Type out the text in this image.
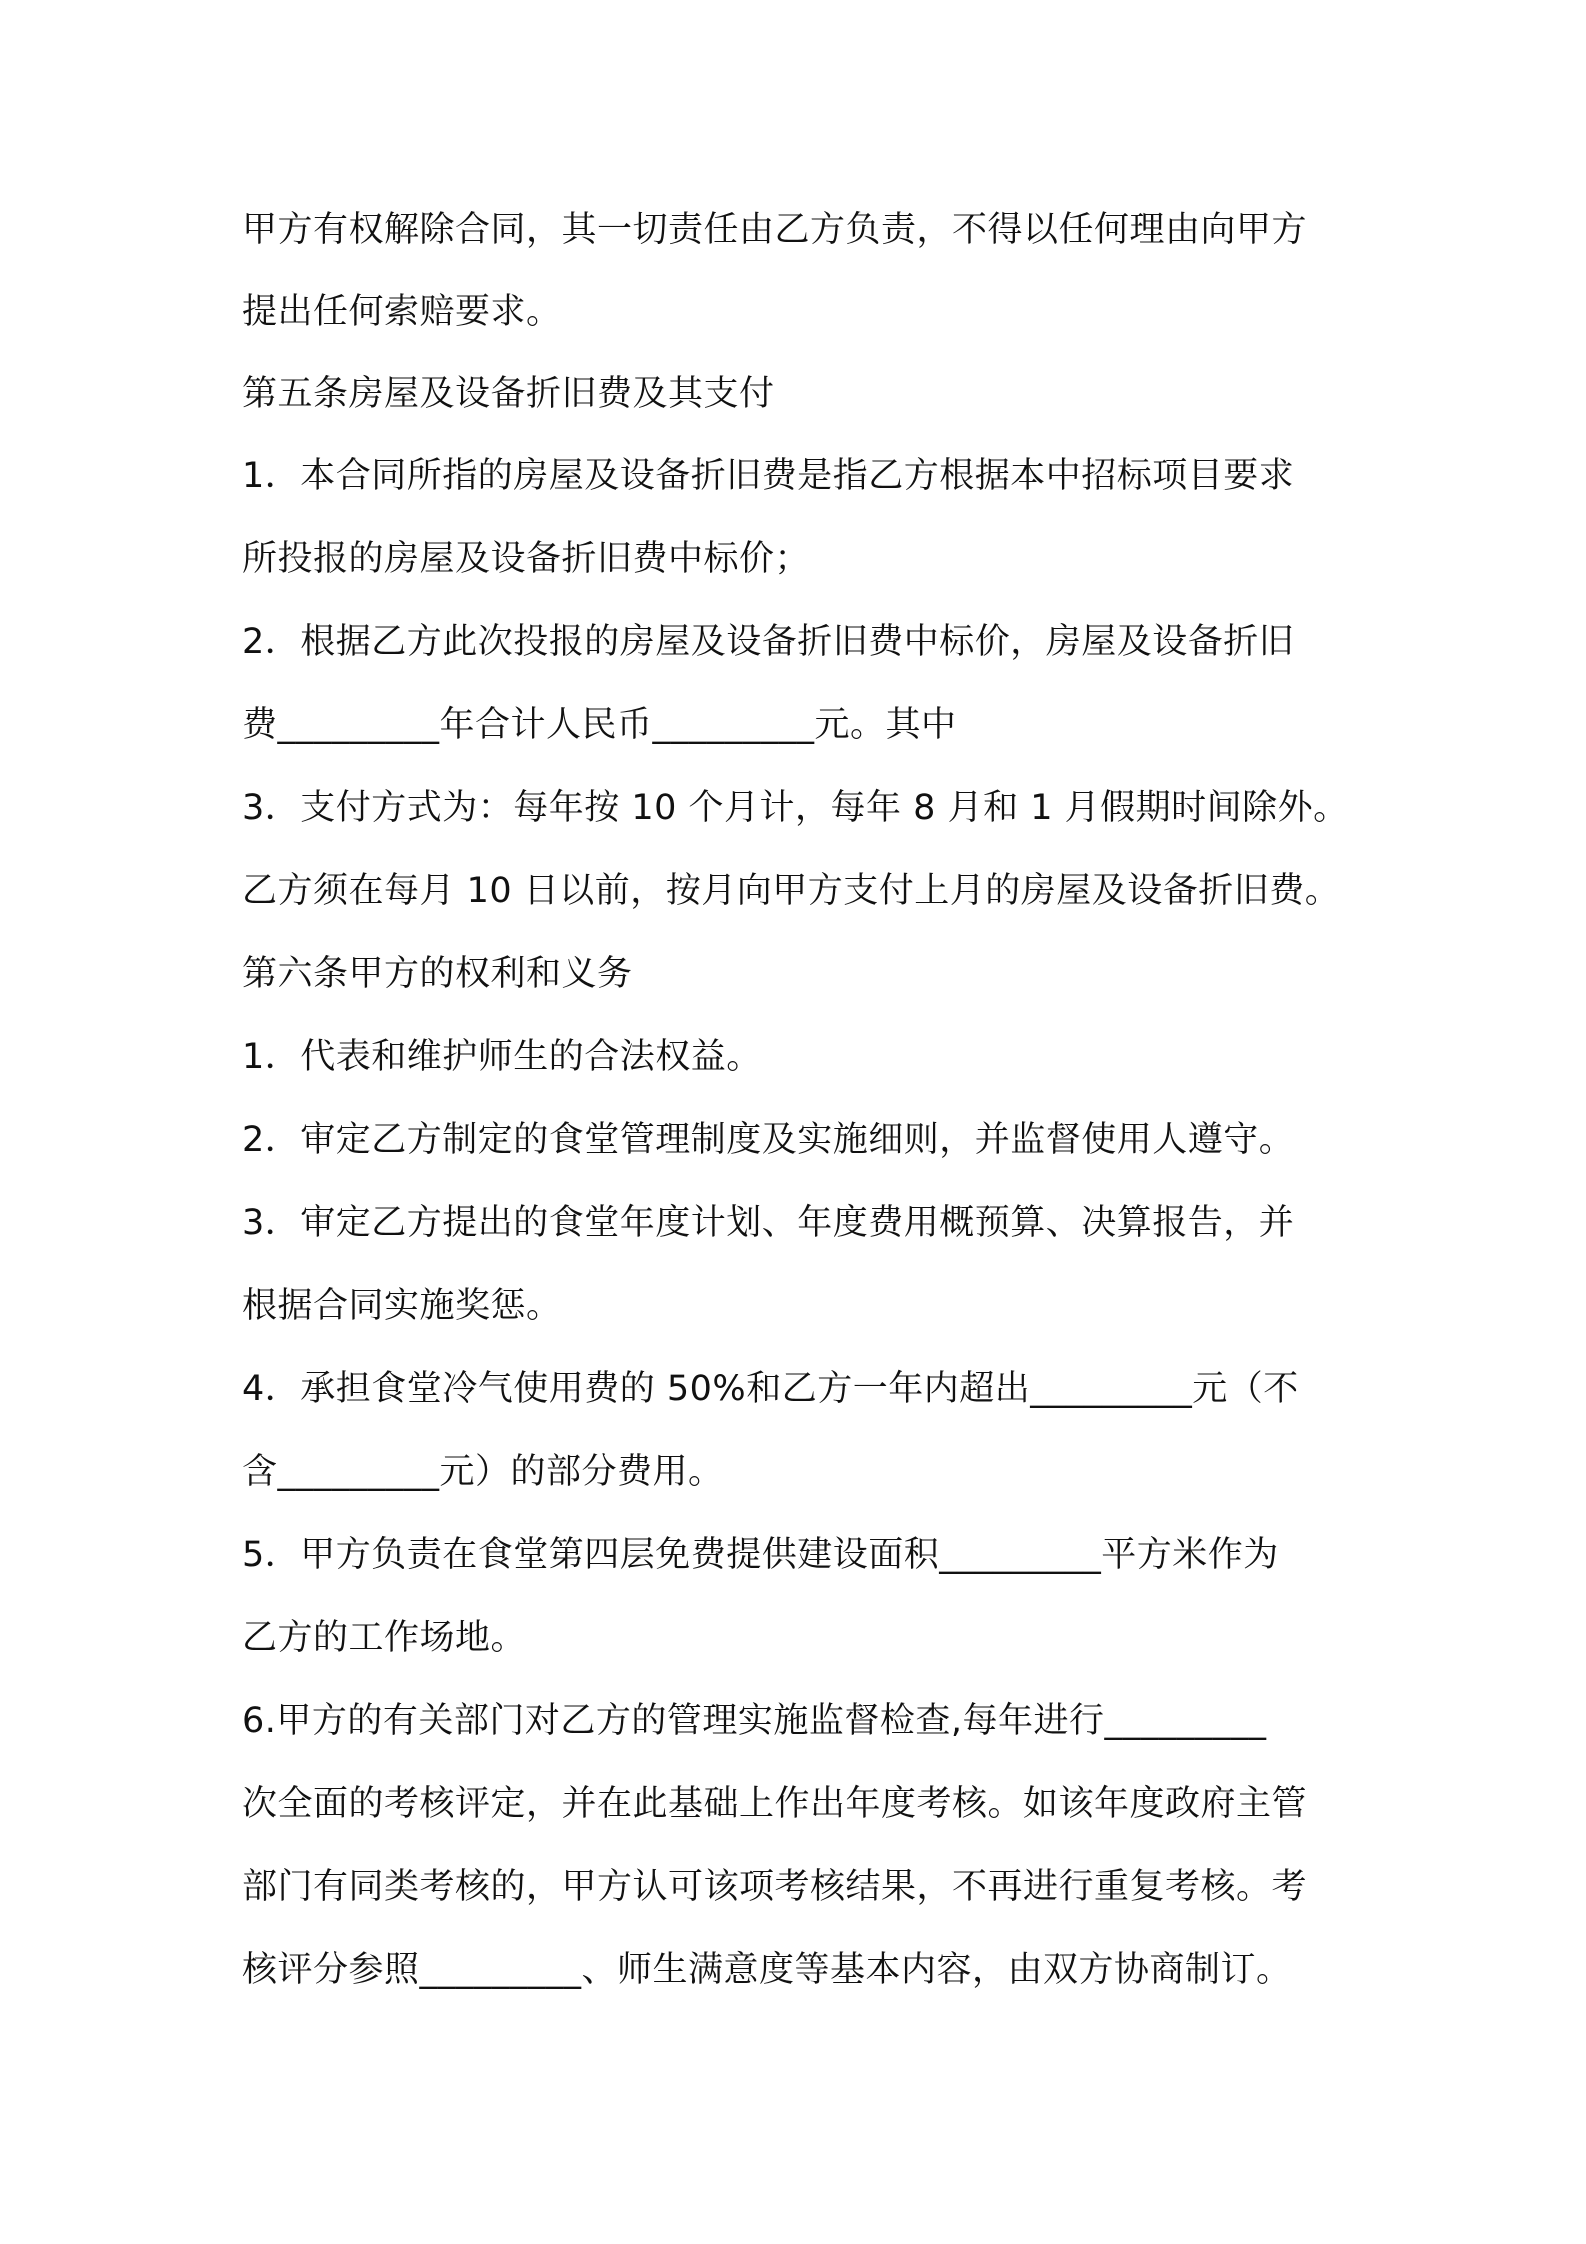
甲方有权解除合同，其一切责任由乙方负责，不得以任何理由向甲方
提出任何索赔要求。
第五条房屋及设备折旧费及其支付
1．本合同所指的房屋及设备折旧费是指乙方根据本中招标项目要求
所投报的房屋及设备折旧费中标价；
2．根据乙方此次投报的房屋及设备折旧费中标价，房屋及设备折旧
费_________年合计人民币_________元。其中
3．支付方式为：每年按 10 个月计，每年 8 月和 1 月假期时间除外。
乙方须在每月 10 日以前，按月向甲方支付上月的房屋及设备折旧费。
第六条甲方的权利和义务
1．代表和维护师生的合法权益。
2．审定乙方制定的食堂管理制度及实施细则，并监督使用人遵守。
3．审定乙方提出的食堂年度计划、年度费用概预算、决算报告，并
根据合同实施奖惩。
4．承担食堂冷气使用费的 50%和乙方一年内超出_________元（不
含_________元）的部分费用。
5．甲方负责在食堂第四层免费提供建设面积_________平方米作为
乙方的工作场地。
6.甲方的有关部门对乙方的管理实施监督检查,每年进行_________
次全面的考核评定，并在此基础上作出年度考核。如该年度政府主管
部门有同类考核的，甲方认可该项考核结果，不再进行重复考核。考
核评分参照_________、师生满意度等基本内容，由双方协商制订。
